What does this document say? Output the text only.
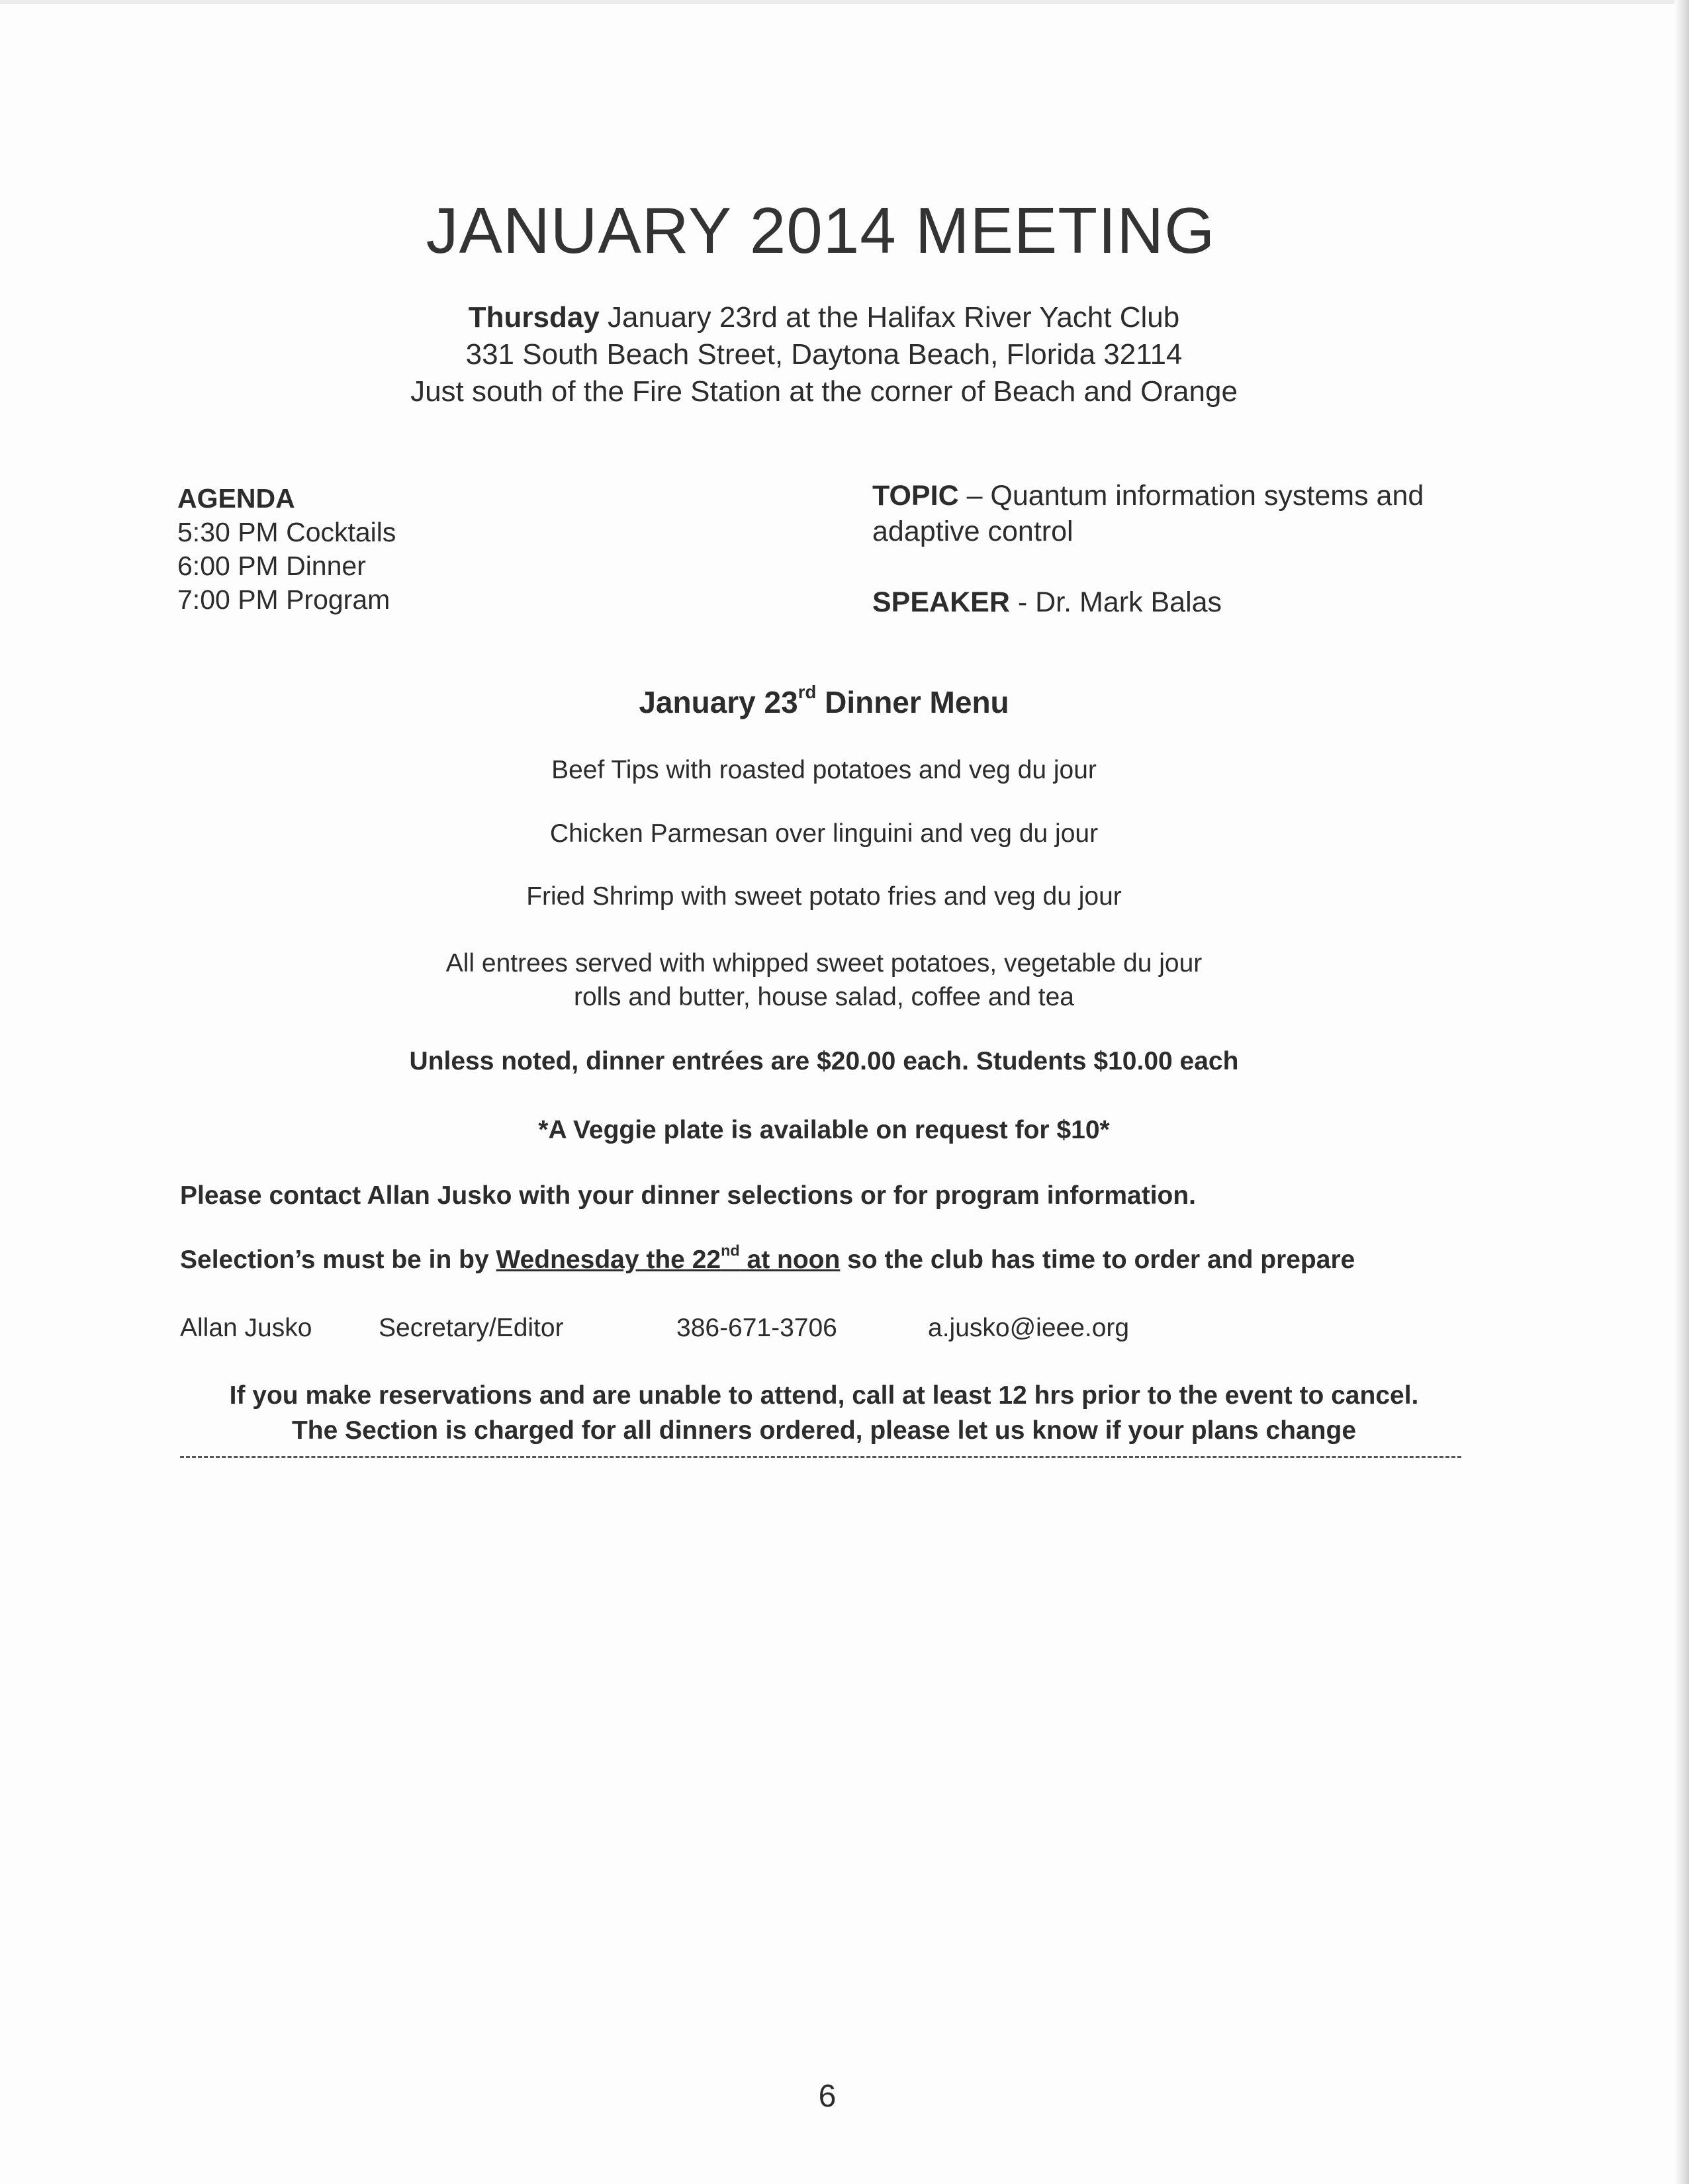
JANUARY 2014 MEETING
Thursday January 23rd at the Halifax River Yacht Club
331 South Beach Street, Daytona Beach, Florida 32114
Just south of the Fire Station at the corner of Beach and Orange
AGENDA
5:30 PM Cocktails
6:00 PM Dinner
7:00 PM Program
TOPIC – Quantum information systems and
adaptive control
SPEAKER - Dr. Mark Balas
January 23rd Dinner Menu
Beef Tips with roasted potatoes and veg du jour
Chicken Parmesan over linguini and veg du jour
Fried Shrimp with sweet potato fries and veg du jour
All entrees served with whipped sweet potatoes, vegetable du jour
rolls and butter, house salad, coffee and tea
Unless noted, dinner entrées are $20.00 each. Students $10.00 each
*A Veggie plate is available on request for $10*
Please contact Allan Jusko with your dinner selections or for program information.
Selection’s must be in by Wednesday the 22nd at noon so the club has time to order and prepare
Allan Jusko	Secretary/Editor	386-671-3706	a.jusko@ieee.org
If you make reservations and are unable to attend, call at least 12 hrs prior to the event to cancel.
The Section is charged for all dinners ordered, please let us know if your plans change
6
